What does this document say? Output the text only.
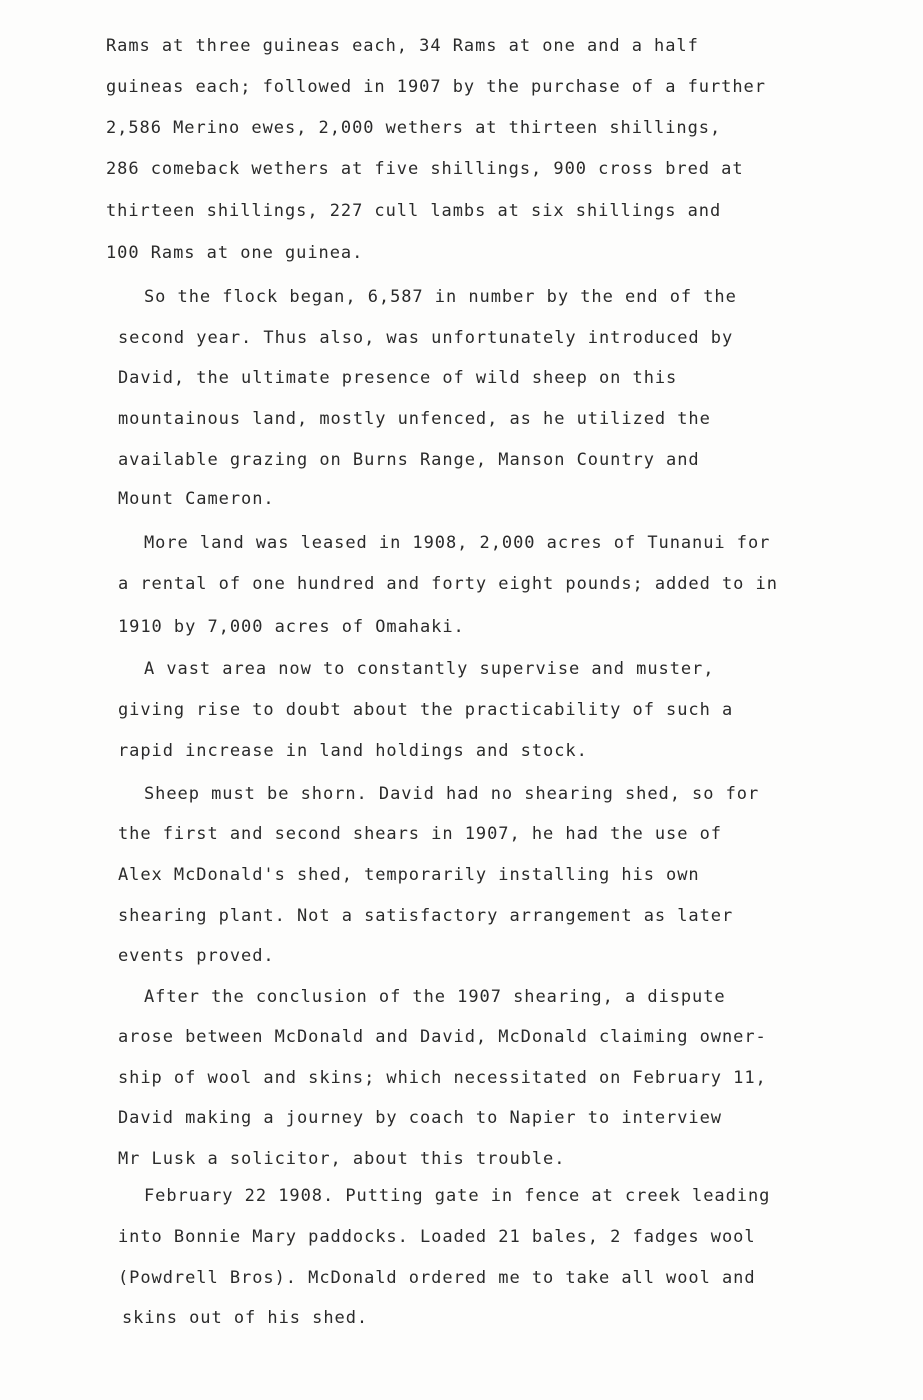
Rams at three guineas each, 34 Rams at one and a half
guineas each; followed in 1907 by the purchase of a further
2,586 Merino ewes, 2,000 wethers at thirteen shillings,
286 comeback wethers at five shillings, 900 cross bred at
thirteen shillings, 227 cull lambs at six shillings and
100 Rams at one guinea.
So the flock began, 6,587 in number by the end of the
second year. Thus also, was unfortunately introduced by
David, the ultimate presence of wild sheep on this
mountainous land, mostly unfenced, as he utilized the
available grazing on Burns Range, Manson Country and
Mount Cameron.
More land was leased in 1908, 2,000 acres of Tunanui for
a rental of one hundred and forty eight pounds; added to in
1910 by 7,000 acres of Omahaki.
A vast area now to constantly supervise and muster,
giving rise to doubt about the practicability of such a
rapid increase in land holdings and stock.
Sheep must be shorn. David had no shearing shed, so for
the first and second shears in 1907, he had the use of
Alex McDonald's shed, temporarily installing his own
shearing plant. Not a satisfactory arrangement as later
events proved.
After the conclusion of the 1907 shearing, a dispute
arose between McDonald and David, McDonald claiming owner-
ship of wool and skins; which necessitated on February 11,
David making a journey by coach to Napier to interview
Mr Lusk a solicitor, about this trouble.
February 22 1908. Putting gate in fence at creek leading
into Bonnie Mary paddocks. Loaded 21 bales, 2 fadges wool
(Powdrell Bros). McDonald ordered me to take all wool and
skins out of his shed.
